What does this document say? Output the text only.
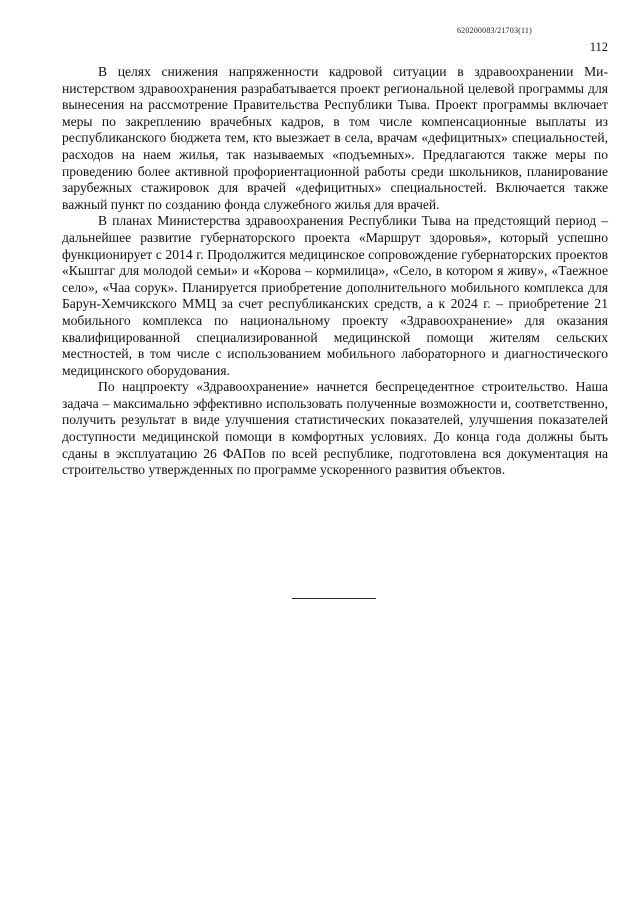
620200083/21703(11)
112

В целях снижения напряженности кадровой ситуации в здравоохранении Министерством здравоохранения разрабатывается проект региональной целевой программы для вынесения на рассмотрение Правительства Республики Тыва. Проект программы включает меры по закреплению врачебных кадров, в том числе компенсационные выплаты из республиканского бюджета тем, кто выезжает в села, врачам «дефицитных» специальностей, расходов на наем жилья, так называемых «подъемных». Предлагаются также меры по проведению более активной профориентационной работы среди школьников, планирование зарубежных стажировок для врачей «дефицитных» специальностей. Включается также важный пункт по созданию фонда служебного жилья для врачей.

В планах Министерства здравоохранения Республики Тыва на предстоящий период – дальнейшее развитие губернаторского проекта «Маршрут здоровья», который успешно функционирует с 2014 г. Продолжится медицинское сопровождение губернаторских проектов «Кыштаг для молодой семьи» и «Корова – кормилица», «Село, в котором я живу», «Таежное село», «Чаа сорук». Планируется приобретение дополнительного мобильного комплекса для Барун-Хемчикского ММЦ за счет республиканских средств, а к 2024 г. – приобретение 21 мобильного комплекса по национальному проекту «Здравоохранение» для оказания квалифицированной специализированной медицинской помощи жителям сельских местностей, в том числе с использованием мобильного лабораторного и диагностического медицинского оборудования.

По нацпроекту «Здравоохранение» начнется беспрецедентное строительство. Наша задача – максимально эффективно использовать полученные возможности и, соответственно, получить результат в виде улучшения статистических показателей, улучшения показателей доступности медицинской помощи в комфортных условиях. До конца года должны быть сданы в эксплуатацию 26 ФАПов по всей республике, подготовлена вся документация на строительство утвержденных по программе ускоренного развития объектов.
